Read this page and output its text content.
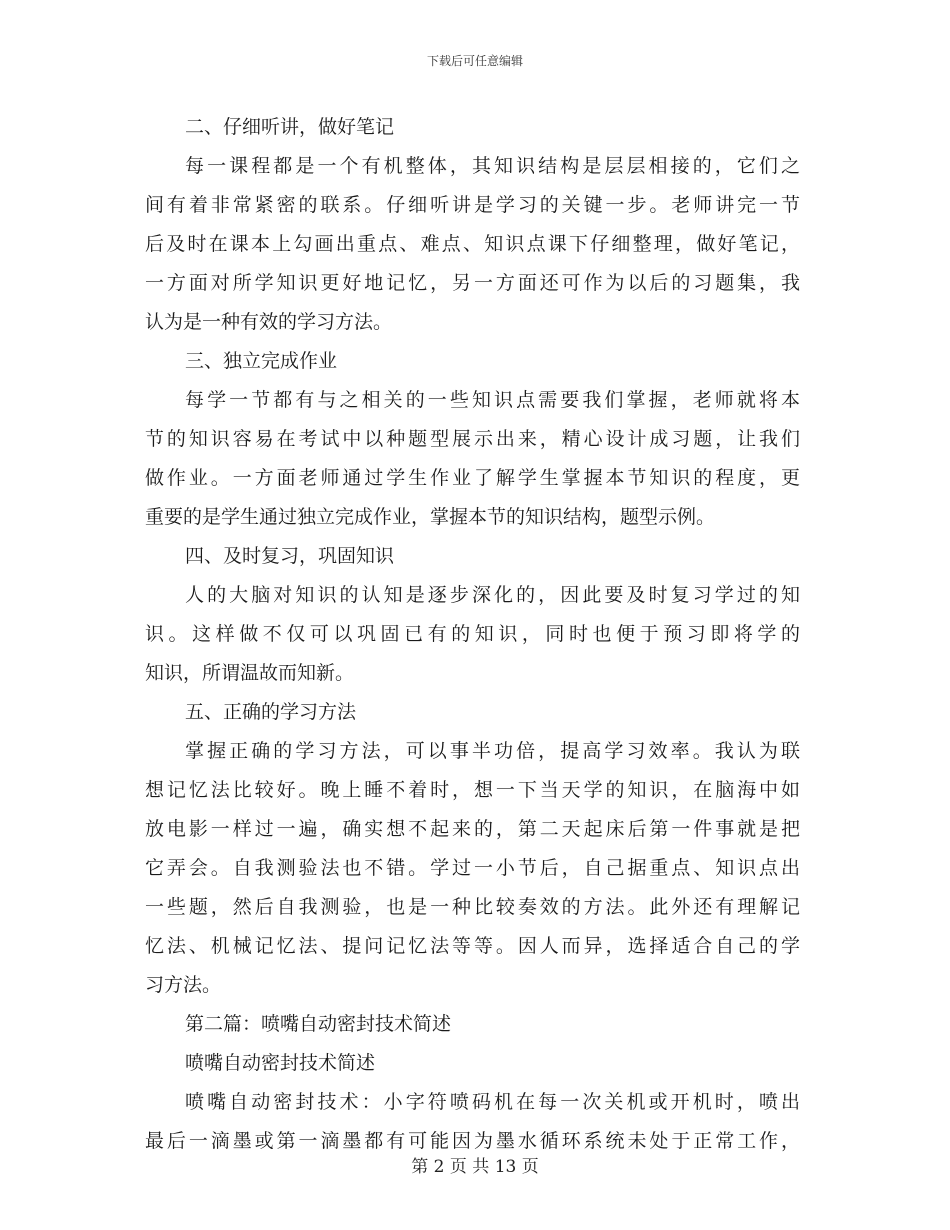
下载后可任意编辑
二、仔细听讲，做好笔记
每一课程都是一个有机整体，其知识结构是层层相接的，它们之
间有着非常紧密的联系。仔细听讲是学习的关键一步。老师讲完一节
后及时在课本上勾画出重点、难点、知识点课下仔细整理，做好笔记，
一方面对所学知识更好地记忆，另一方面还可作为以后的习题集，我
认为是一种有效的学习方法。
三、独立完成作业
每学一节都有与之相关的一些知识点需要我们掌握，老师就将本
节的知识容易在考试中以种题型展示出来，精心设计成习题，让我们
做作业。一方面老师通过学生作业了解学生掌握本节知识的程度，更
重要的是学生通过独立完成作业，掌握本节的知识结构，题型示例。
四、及时复习，巩固知识
人的大脑对知识的认知是逐步深化的，因此要及时复习学过的知
识。这样做不仅可以巩固已有的知识，同时也便于预习即将学的
知识，所谓温故而知新。
五、正确的学习方法
掌握正确的学习方法，可以事半功倍，提高学习效率。我认为联
想记忆法比较好。晚上睡不着时，想一下当天学的知识，在脑海中如
放电影一样过一遍，确实想不起来的，第二天起床后第一件事就是把
它弄会。自我测验法也不错。学过一小节后，自己据重点、知识点出
一些题，然后自我测验，也是一种比较奏效的方法。此外还有理解记
忆法、机械记忆法、提问记忆法等等。因人而异，选择适合自己的学
习方法。
第二篇：喷嘴自动密封技术简述
喷嘴自动密封技术简述
喷嘴自动密封技术：小字符喷码机在每一次关机或开机时，喷出
最后一滴墨或第一滴墨都有可能因为墨水循环系统未处于正常工作，
第 2 页 共 13 页
